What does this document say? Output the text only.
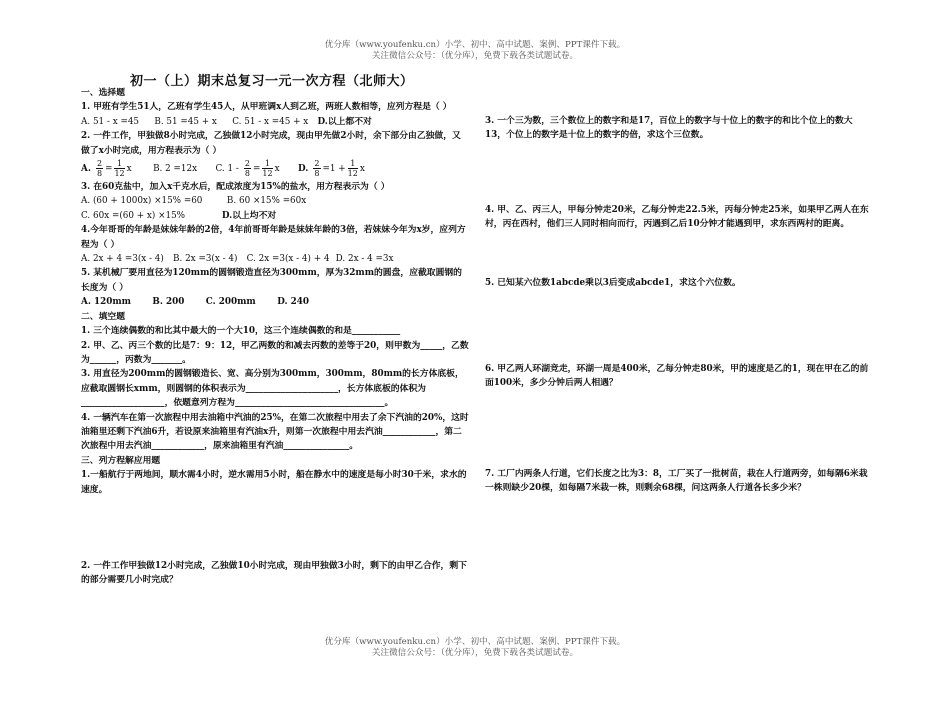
优分库（www.youfenku.cn）小学、初中、高中试题、案例、PPT课件下载。
关注微信公众号：（优分库），免费下载各类试题试卷。
初一（上）期末总复习一元一次方程（北师大）

一、选择题

1. 甲班有学生51人，乙班有学生45人，从甲班调x人到乙班，两班人数相等，应列方程是（ ）

A. 51 - x =45 B. 51 =45 + x C. 51 - x =45 + x D.以上都不对

2. 一件工作，甲独做8小时完成，乙独做12小时完成，现由甲先做2小时，余下部分由乙独做，又做了x小时完成，用方程表示为（ ）

A. $\frac{2}{8} = \frac{1}{12}$ x B. 2 =12x C. $1 - \frac{2}{8} = \frac{1}{12}$ x D. $\frac{2}{8} =1 + \frac{1}{12}$ x

3. 在60克盐中，加入x千克水后，配成浓度为15%的盐水，用方程表示为（ ）

A. (60 + 1000x) ×15% =60	B. 60 ×15% =60x

C. 60x =(60 + x) ×15%	D.以上均不对

4.今年哥哥的年龄是妹妹年龄的2倍，4年前哥哥年龄是妹妹年龄的3倍，若妹妹今年为x岁，应列方程为（ ）

A. 2x + 4 =3(x - 4) B. 2x =3(x - 4) C. 2x =3(x - 4) + 4 D. 2x - 4 =3x

5. 某机械厂要用直径为120mm的圆钢锻造直径为300mm，厚为32mm的圆盘，应截取圆钢的长度为（ ）

A. 120mm B. 200 C. 200mm D. 240

二、填空题

1. 三个连续偶数的和比其中最大的一个大10，这三个连续偶数的和是___________

2. 甲、乙、丙三个数的比是7：9：12，甲乙两数的和减去丙数的差等于20，则甲数为_____，乙数为______，丙数为_______。

3. 用直径为200mm的圆钢锻造长、宽、高分别为300mm，300mm，80mm的长方体底板，应截取圆钢长xmm，则圆钢的体积表示为_____________________，长方体底板的体积为___________________，依题意列方程为__________________________________。

4. 一辆汽车在第一次旅程中用去油箱中汽油的25%，在第二次旅程中用去了余下汽油的20%，这时油箱里还剩下汽油6升，若设原来油箱里有汽油x升，则第一次旅程中用去汽油____________，第二次旅程中用去汽油____________，原来油箱里有汽油_______________。

三、列方程解应用题

1.一船航行于两地间，顺水需4小时，逆水需用5小时，船在静水中的速度是每小时30千米，求水的速度。

2. 一件工作甲独做12小时完成，乙独做10小时完成，现由甲独做3小时，剩下的由甲乙合作，剩下的部分需要几小时完成？

3. 一个三为数，三个数位上的数字和是17，百位上的数字与十位上的数字的和比个位上的数大13，个位上的数字是十位上的数字的倍，求这个三位数。

4. 甲、乙、丙三人，甲每分钟走20米，乙每分钟走22.5米，丙每分钟走25米，如果甲乙两人在东村，丙在西村，他们三人同时相向而行，丙遇到乙后10分钟才能遇到甲，求东西两村的距离。

5. 已知某六位数1abcde乘以3后变成abcde1，求这个六位数。

6. 甲乙两人环湖竞走，环湖一周是400米，乙每分钟走80米，甲的速度是乙的1，现在甲在乙的前面100米，多少分钟后两人相遇？

7. 工厂内两条人行道，它们长度之比为3：8，工厂买了一批树苗，栽在人行道两旁，如每隔6米栽一株则缺少20棵，如每隔7米栽一株，则剩余68棵，问这两条人行道各长多少米？

优分库（www.youfenku.cn）小学、初中、高中试题、案例、PPT课件下载。
关注微信公众号：（优分库），免费下载各类试题试卷。
